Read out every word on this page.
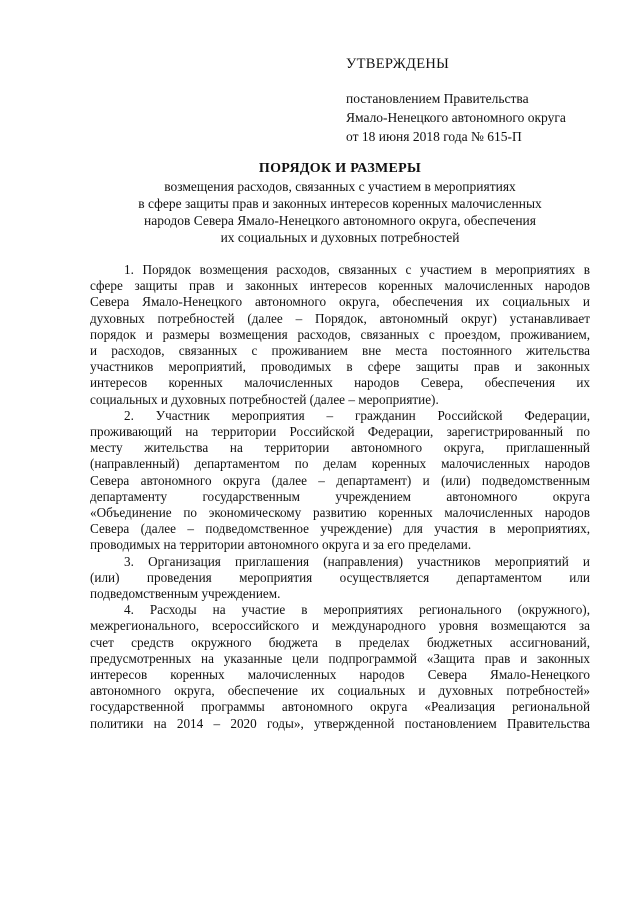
УТВЕРЖДЕНЫ
постановлением Правительства
Ямало-Ненецкого автономного округа
от 18 июня 2018 года № 615-П
ПОРЯДОК И РАЗМЕРЫ
возмещения расходов, связанных с участием в мероприятиях
в сфере защиты прав и законных интересов коренных малочисленных
народов Севера Ямало-Ненецкого автономного округа, обеспечения
их социальных и духовных потребностей
1. Порядок возмещения расходов, связанных с участием в мероприятиях в
сфере защиты прав и законных интересов коренных малочисленных народов
Севера Ямало-Ненецкого автономного округа, обеспечения их социальных и
духовных потребностей (далее – Порядок, автономный округ) устанавливает
порядок и размеры возмещения расходов, связанных с проездом, проживанием,
и расходов, связанных с проживанием вне места постоянного жительства
участников мероприятий, проводимых в сфере защиты прав и законных
интересов коренных малочисленных народов Севера, обеспечения их
социальных и духовных потребностей (далее – мероприятие).
2. Участник мероприятия – гражданин Российской Федерации,
проживающий на территории Российской Федерации, зарегистрированный по
месту жительства на территории автономного округа, приглашенный
(направленный) департаментом по делам коренных малочисленных народов
Севера автономного округа (далее – департамент) и (или) подведомственным
департаменту государственным учреждением автономного округа
«Объединение по экономическому развитию коренных малочисленных народов
Севера (далее – подведомственное учреждение) для участия в мероприятиях,
проводимых на территории автономного округа и за его пределами.
3. Организация приглашения (направления) участников мероприятий и
(или) проведения мероприятия осуществляется департаментом или
подведомственным учреждением.
4. Расходы на участие в мероприятиях регионального (окружного),
межрегионального, всероссийского и международного уровня возмещаются за
счет средств окружного бюджета в пределах бюджетных ассигнований,
предусмотренных на указанные цели подпрограммой «Защита прав и законных
интересов коренных малочисленных народов Севера Ямало-Ненецкого
автономного округа, обеспечение их социальных и духовных потребностей»
государственной программы автономного округа «Реализация региональной
политики на 2014 – 2020 годы», утвержденной постановлением Правительства
